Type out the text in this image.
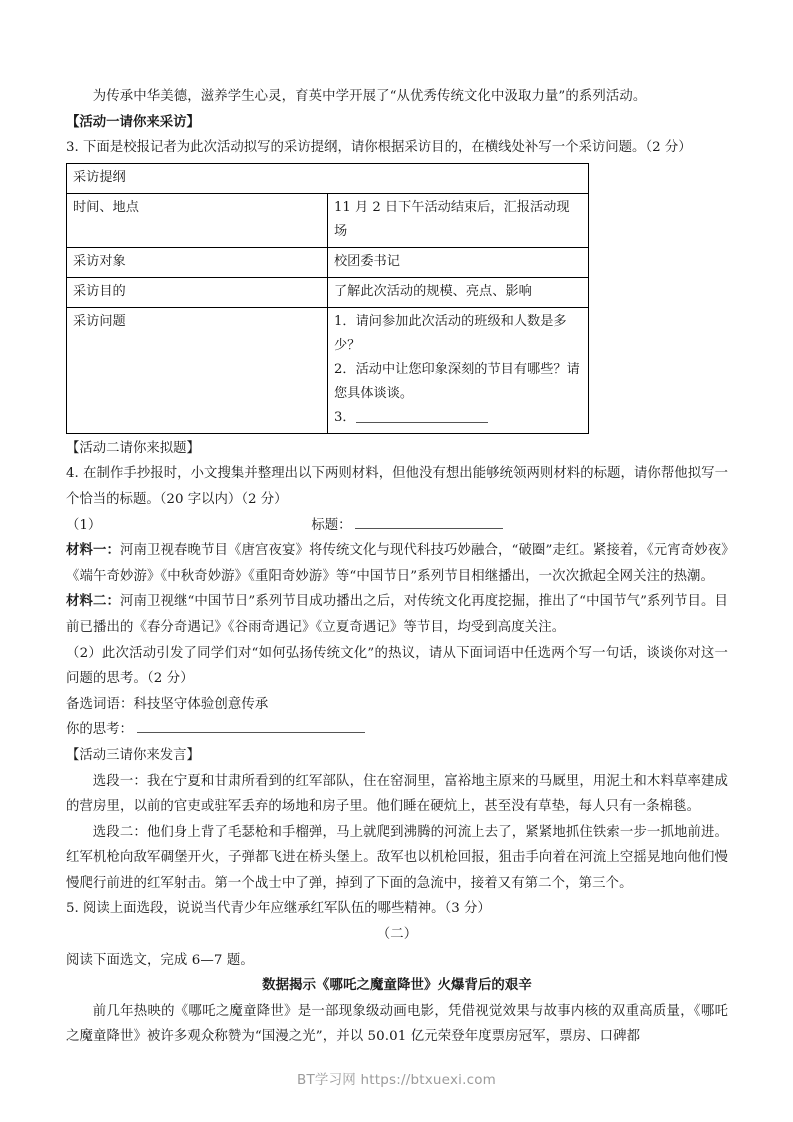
为传承中华美德，滋养学生心灵，育英中学开展了“从优秀传统文化中汲取力量”的系列活动。

【活动一请你来采访】

3. 下面是校报记者为此次活动拟写的采访提纲，请你根据采访目的，在横线处补写一个采访问题。（2 分）

采访提纲	
时间、地点	11 月 2 日下午活动结束后，汇报活动现场
采访对象	校团委书记
采访目的	了解此次活动的规模、亮点、影响
采访问题	1．请问参加此次活动的班级和人数是多少？
2．活动中让您印象深刻的节目有哪些？请您具体谈谈。
3．

【活动二请你来拟题】

4. 在制作手抄报时，小文搜集并整理出以下两则材料，但他没有想出能够统领两则材料的标题，请你帮他拟写一个恰当的标题。（20 字以内）（2 分）

（1）	标题：

材料一：河南卫视春晚节目《唐宫夜宴》将传统文化与现代科技巧妙融合，“破圈”走红。紧接着，《元宵奇妙夜》《端午奇妙游》《中秋奇妙游》《重阳奇妙游》等“中国节日”系列节目相继播出，一次次掀起全网关注的热潮。

材料二：河南卫视继“中国节日”系列节目成功播出之后，对传统文化再度挖掘，推出了“中国节气”系列节目。目前已播出的《春分奇遇记》《谷雨奇遇记》《立夏奇遇记》等节目，均受到高度关注。

（2）此次活动引发了同学们对“如何弘扬传统文化”的热议，请从下面词语中任选两个写一句话，谈谈你对这一问题的思考。（2 分）

备选词语：科技坚守体验创意传承

你的思考：

【活动三请你来发言】

选段一：我在宁夏和甘肃所看到的红军部队，住在窑洞里，富裕地主原来的马厩里，用泥土和木料草率建成的营房里，以前的官吏或驻军丢弃的场地和房子里。他们睡在硬炕上，甚至没有草垫，每人只有一条棉毯。

选段二：他们身上背了毛瑟枪和手榴弹，马上就爬到沸腾的河流上去了，紧紧地抓住铁索一步一抓地前进。红军机枪向敌军碉堡开火，子弹都飞进在桥头堡上。敌军也以机枪回报，狙击手向着在河流上空摇晃地向他们慢慢爬行前进的红军射击。第一个战士中了弹，掉到了下面的急流中，接着又有第二个，第三个。

5. 阅读上面选段，说说当代青少年应继承红军队伍的哪些精神。（3 分）

（二）

阅读下面选文，完成 6—7 题。

数据揭示《哪吒之魔童降世》火爆背后的艰辛

前几年热映的《哪吒之魔童降世》是一部现象级动画电影，凭借视觉效果与故事内核的双重高质量，《哪吒之魔童降世》被许多观众称赞为“国漫之光”，并以 50.01 亿元荣登年度票房冠军，票房、口碑都

BT学习网 https://btxuexi.com
